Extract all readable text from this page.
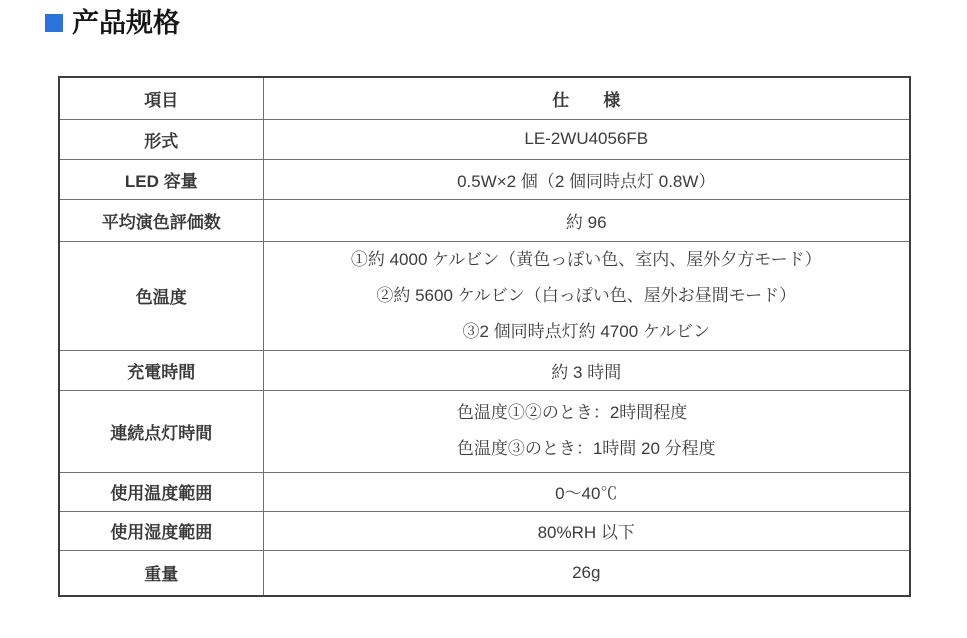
产品规格
項目	仕　　様
形式	LE-2WU4056FB
LED 容量	0.5W×2 個（2 個同時点灯 0.8W）
平均演色評価数	約 96
色温度	①約 4000 ケルビン（黄色っぽい色、室内、屋外夕方モード）
②約 5600 ケルビン（白っぽい色、屋外お昼間モード）
③2 個同時点灯約 4700 ケルビン

充電時間	約 3 時間
連続点灯時間	色温度①②のとき：2時間程度
色温度③のとき：1時間 20 分程度

使用温度範囲	0〜40℃
使用湿度範囲	80%RH 以下
重量	26g
